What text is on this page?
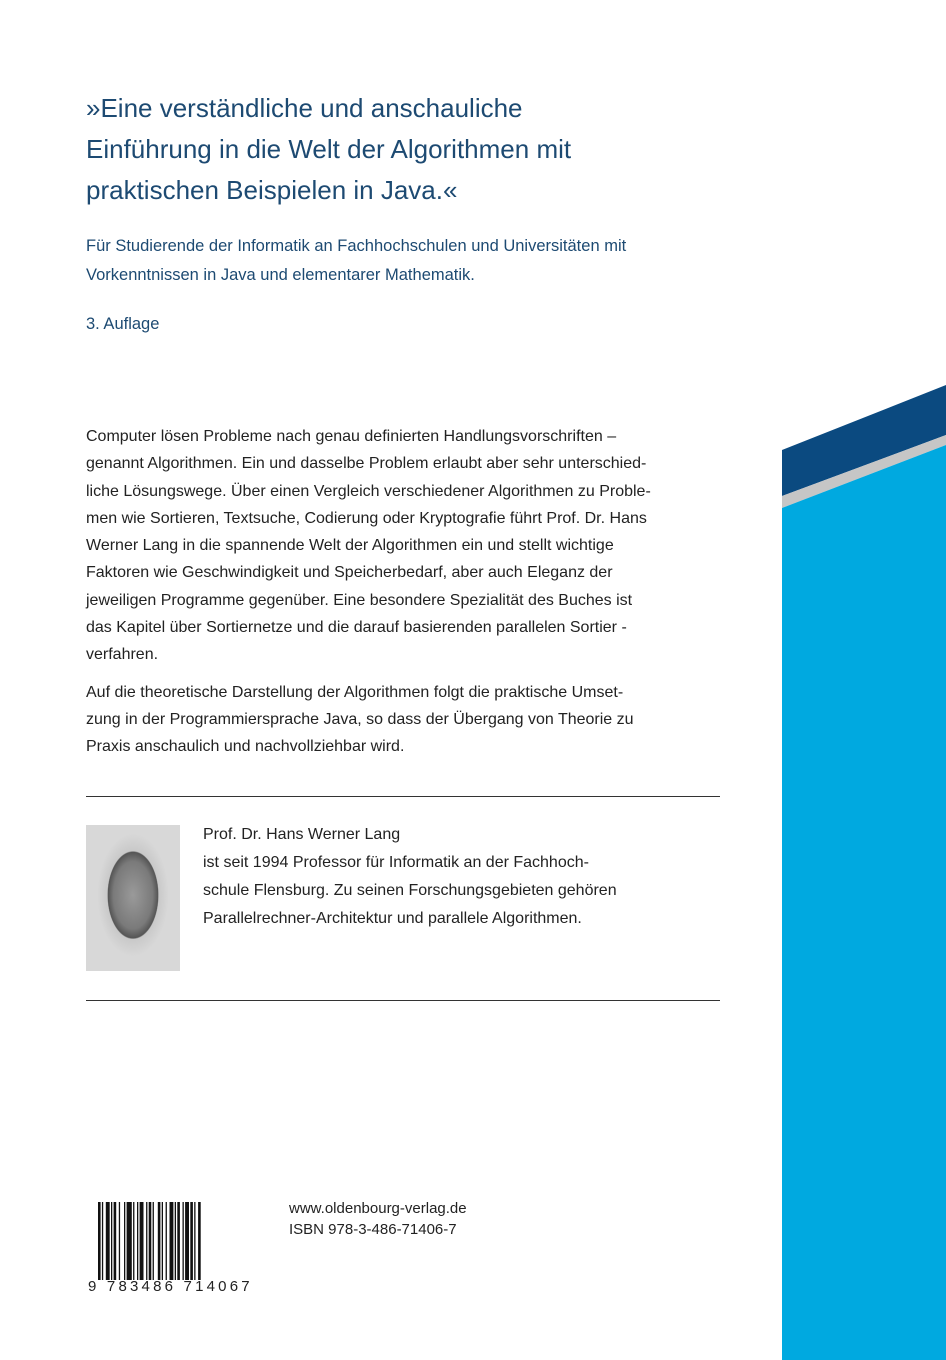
»Eine verständliche und anschauliche
Einführung in die Welt der Algorithmen mit
praktischen Beispielen in Java.«
Für Studierende der Informatik an Fachhochschulen und Universitäten mit
Vorkenntnissen in Java und elementarer Mathematik.
3. Auflage

Computer lösen Probleme nach genau definierten Handlungsvorschriften –
genannt Algorithmen. Ein und dasselbe Problem erlaubt aber sehr unterschied-
liche Lösungswege. Über einen Vergleich verschiedener Algorithmen zu Proble-
men wie Sortieren, Textsuche, Codierung oder Kryptografie führt Prof. Dr. Hans
Werner Lang in die spannende Welt der Algorithmen ein und stellt wichtige
Faktoren wie Geschwindigkeit und Speicherbedarf, aber auch Eleganz der
jeweiligen Programme gegenüber. Eine besondere Spezialität des Buches ist
das Kapitel über Sortiernetze und die darauf basierenden parallelen Sortier -
verfahren.

Auf die theoretische Darstellung der Algorithmen folgt die praktische Umset-
zung in der Programmiersprache Java, so dass der Übergang von Theorie zu
Praxis anschaulich und nachvollziehbar wird.

Prof. Dr. Hans Werner Lang
ist seit 1994 Professor für Informatik an der Fachhoch-
schule Flensburg. Zu seinen Forschungsgebieten gehören
Parallelrechner-Architektur und parallele Algorithmen.
9 783486 714067
www.oldenbourg-verlag.de
ISBN 978-3-486-71406-7
